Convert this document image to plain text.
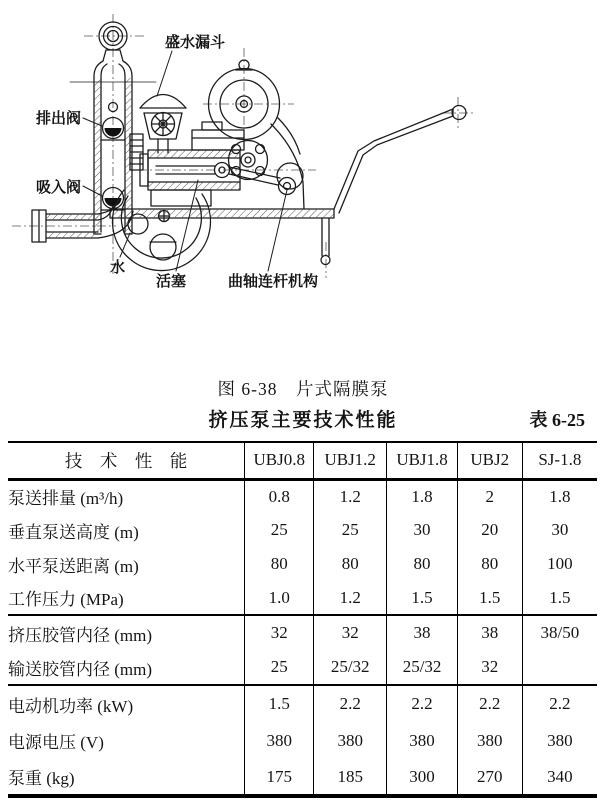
盛水漏斗
排出阀
吸入阀
水
活塞	曲轴连杆机构
图 6-38　片式隔膜泵
挤压泵主要技术性能	表 6-25
技　术　性　能	UBJ0.8	UBJ1.2	UBJ1.8	UBJ2	SJ-1.8
泵送排量 (m³/h)	0.8	1.2	1.8	2	1.8
垂直泵送高度 (m)	25	25	30	20	30
水平泵送距离 (m)	80	80	80	80	100
工作压力 (MPa)	1.0	1.2	1.5	1.5	1.5
挤压胶管内径 (mm)	32	32	38	38	38/50
输送胶管内径 (mm)	25	25/32	25/32	32	
电动机功率 (kW)	1.5	2.2	2.2	2.2	2.2
电源电压 (V)	380	380	380	380	380
泵重 (kg)	175	185	300	270	340
